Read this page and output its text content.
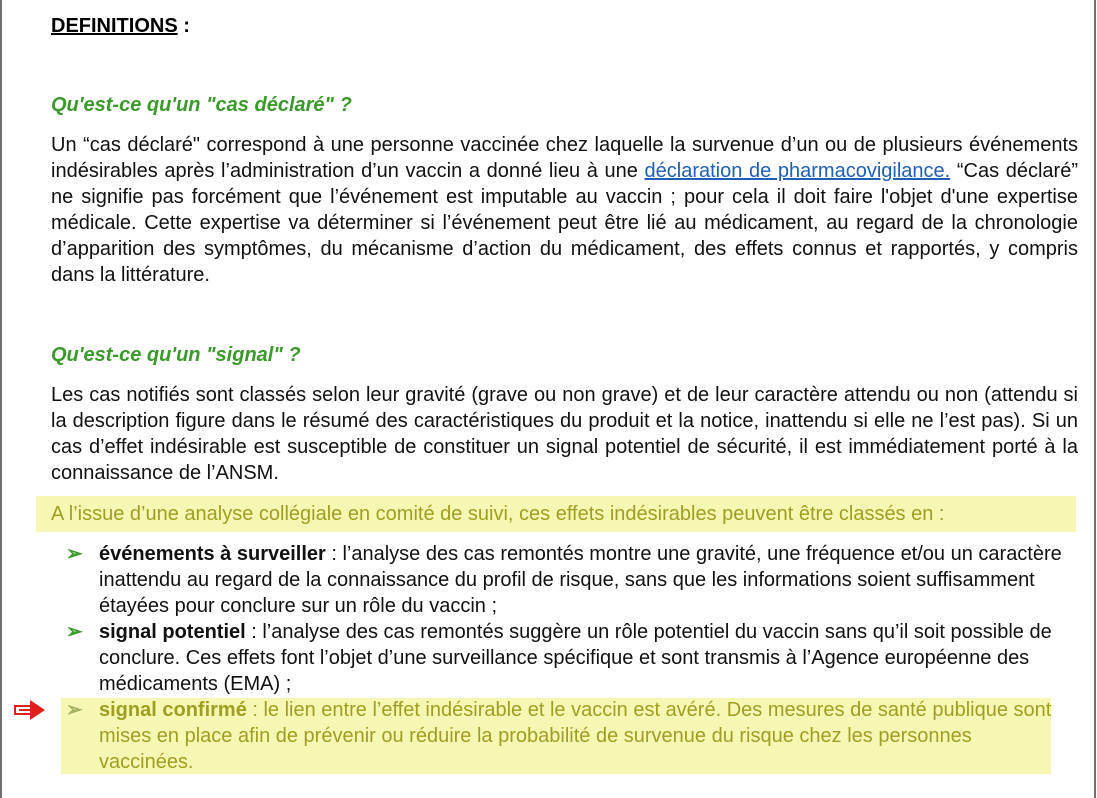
DEFINITIONS :
Qu'est-ce qu'un "cas déclaré" ?
Un “cas déclaré" correspond à une personne vaccinée chez laquelle la survenue d’un ou de plusieurs événements indésirables après l’administration d’un vaccin a donné lieu à une déclaration de pharmacovigilance. “Cas déclaré” ne signifie pas forcément que l’événement est imputable au vaccin ; pour cela il doit faire l'objet d'une expertise médicale. Cette expertise va déterminer si l’événement peut être lié au médicament, au regard de la chronologie d’apparition des symptômes, du mécanisme d’action du médicament, des effets connus et rapportés, y compris dans la littérature.
Qu'est-ce qu'un "signal" ?
Les cas notifiés sont classés selon leur gravité (grave ou non grave) et de leur caractère attendu ou non (attendu si la description figure dans le résumé des caractéristiques du produit et la notice, inattendu si elle ne l’est pas). Si un cas d’effet indésirable est susceptible de constituer un signal potentiel de sécurité, il est immédiatement porté à la connaissance de l’ANSM.
A l’issue d’une analyse collégiale en comité de suivi, ces effets indésirables peuvent être classés en :
➢ événements à surveiller : l’analyse des cas remontés montre une gravité, une fréquence et/ou un caractère inattendu au regard de la connaissance du profil de risque, sans que les informations soient suffisamment étayées pour conclure sur un rôle du vaccin ;
➢ signal potentiel : l’analyse des cas remontés suggère un rôle potentiel du vaccin sans qu’il soit possible de conclure. Ces effets font l’objet d’une surveillance spécifique et sont transmis à l’Agence européenne des médicaments (EMA) ;
➢ signal confirmé : le lien entre l’effet indésirable et le vaccin est avéré. Des mesures de santé publique sont mises en place afin de prévenir ou réduire la probabilité de survenue du risque chez les personnes vaccinées.
